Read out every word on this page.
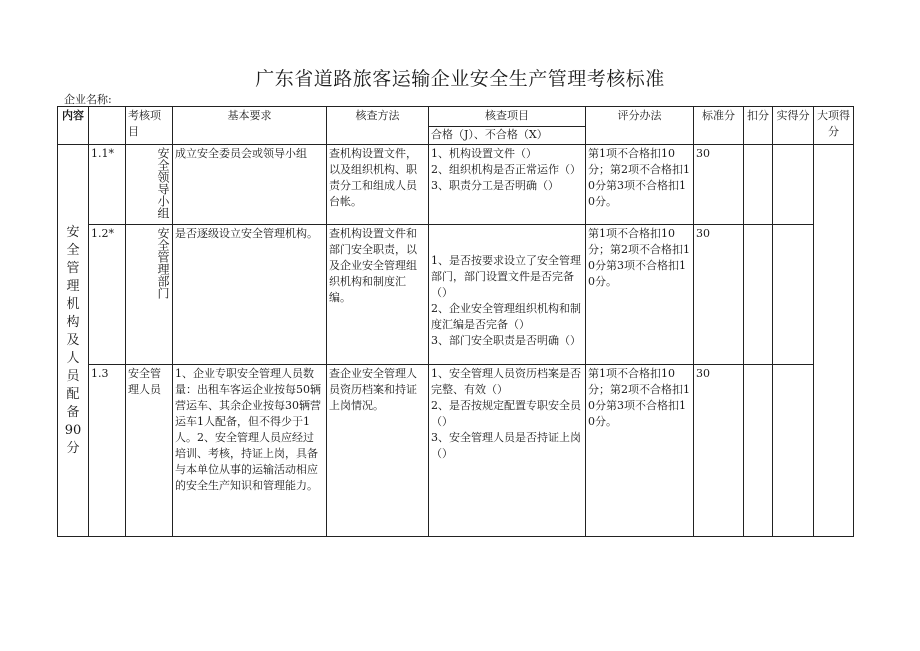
广东省道路旅客运输企业安全生产管理考核标准
企业名称:
内容		考核项目	基本要求	核查方法	核查项目
合格（J）、不合格（X）	评分办法	标准分	扣分	实得分	大项得分
安全管理机构及人员配备90分	1.1*	安全领导小组	成立安全委员会或领导小组	查机构设置文件，以及组织机构、职责分工和组成人员台帐。	1、机构设置文件（）
2、组织机构是否正常运作（）
3、职责分工是否明确（）	第1项不合格扣10分；第2项不合格扣10分第3项不合格扣10分。	30			
	1.2*	安全管理部门	是否逐级设立安全管理机构。	查机构设置文件和部门安全职责，以及企业安全管理组织机构和制度汇编。	1、是否按要求设立了安全管理部门，部门设置文件是否完备（）
2、企业安全管理组织机构和制度汇编是否完备（）
3、部门安全职责是否明确（）	第1项不合格扣10分；第2项不合格扣10分第3项不合格扣10分。	30			
	1.3	安全管理人员	1、企业专职安全管理人员数量：出租车客运企业按每50辆营运车、其余企业按每30辆营运车1人配备，但不得少于1人。2、安全管理人员应经过培训、考核，持证上岗，具备与本单位从事的运输活动相应的安全生产知识和管理能力。	查企业安全管理人员资历档案和持证上岗情况。	1、安全管理人员资历档案是否完整、有效（）
2、是否按规定配置专职安全员（）
3、安全管理人员是否持证上岗（）	第1项不合格扣10分；第2项不合格扣10分第3项不合格扣10分。	30			
